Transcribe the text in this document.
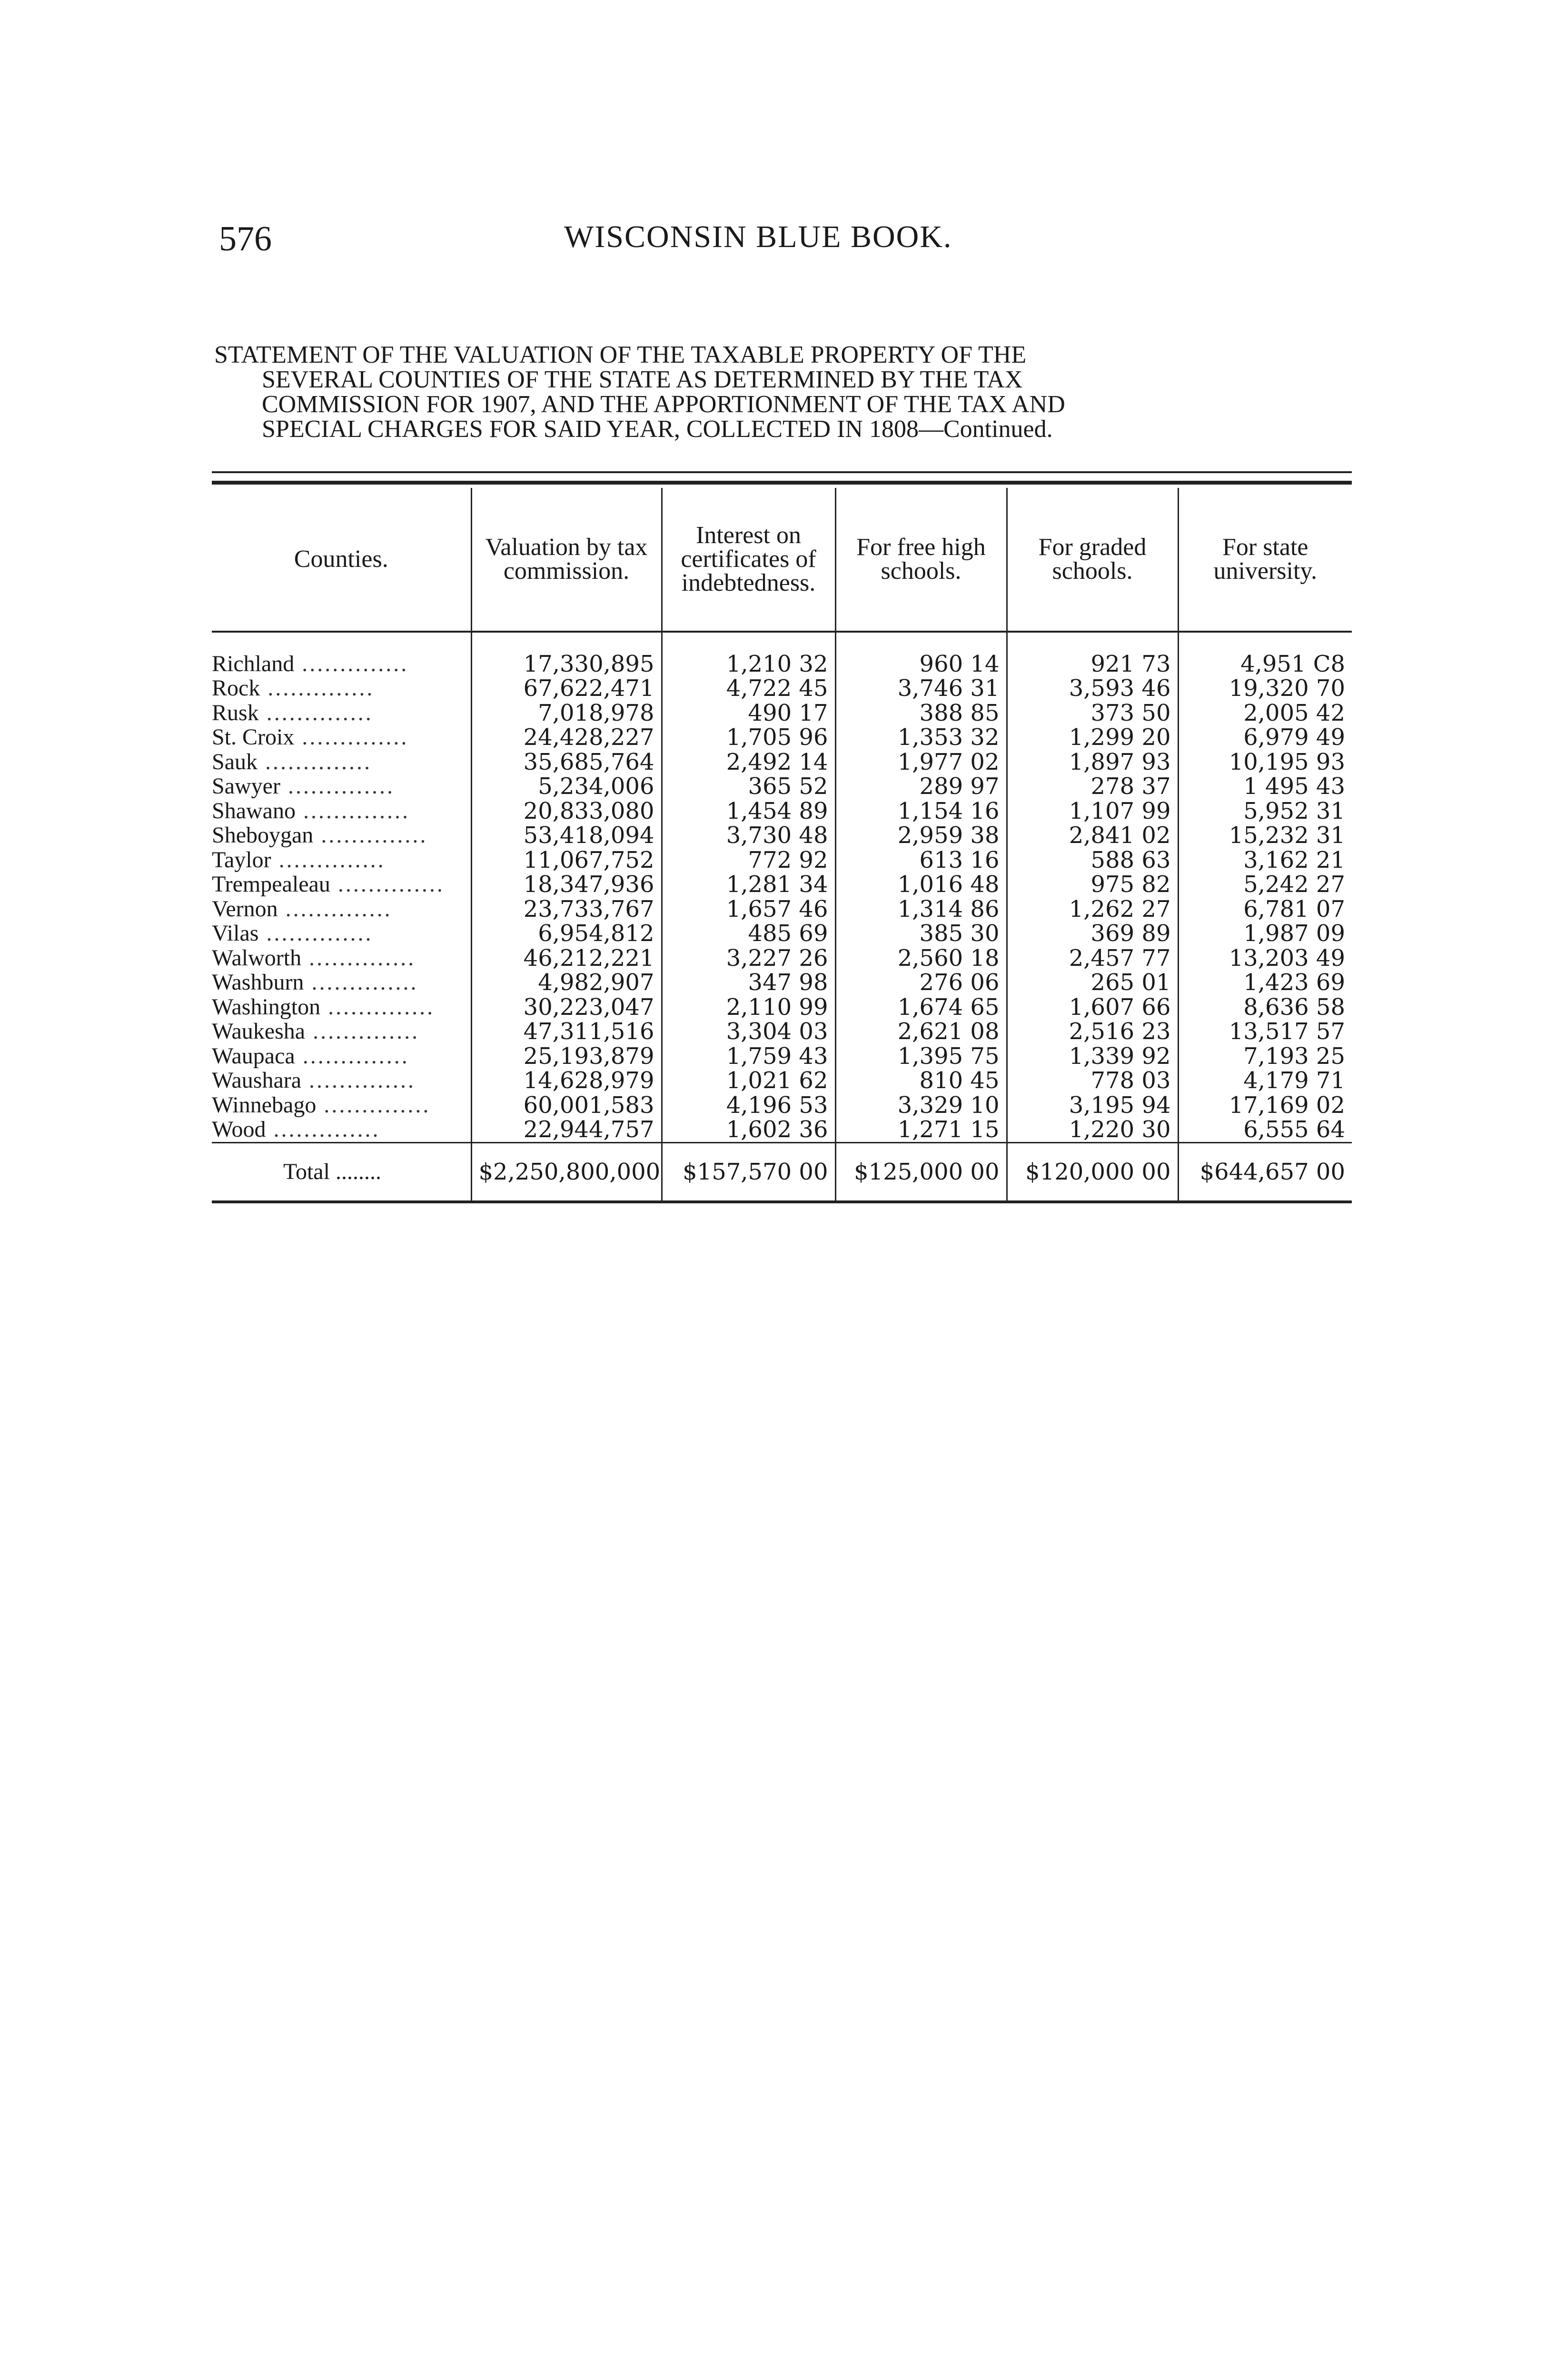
576	WISCONSIN BLUE BOOK.
STATEMENT OF THE VALUATION OF THE TAXABLE PROPERTY OF THE
SEVERAL COUNTIES OF THE STATE AS DETERMINED BY THE TAX
COMMISSION FOR 1907, AND THE APPORTIONMENT OF THE TAX AND
SPECIAL CHARGES FOR SAID YEAR, COLLECTED IN 1808—Continued.
Counties.	Valuation by tax commission.	Interest on certificates of indebtedness.	For free high schools.	For graded schools.	For state university.
Richland ..............	17,330,895	1,210 32	960 14	921 73	4,951 C8
Rock ..............	67,622,471	4,722 45	3,746 31	3,593 46	19,320 70
Rusk ..............	7,018,978	490 17	388 85	373 50	2,005 42
St. Croix ..............	24,428,227	1,705 96	1,353 32	1,299 20	6,979 49
Sauk ..............	35,685,764	2,492 14	1,977 02	1,897 93	10,195 93
Sawyer ..............	5,234,006	365 52	289 97	278 37	1 495 43
Shawano ..............	20,833,080	1,454 89	1,154 16	1,107 99	5,952 31
Sheboygan ..............	53,418,094	3,730 48	2,959 38	2,841 02	15,232 31
Taylor ..............	11,067,752	772 92	613 16	588 63	3,162 21
Trempealeau ..............	18,347,936	1,281 34	1,016 48	975 82	5,242 27
Vernon ..............	23,733,767	1,657 46	1,314 86	1,262 27	6,781 07
Vilas ..............	6,954,812	485 69	385 30	369 89	1,987 09
Walworth ..............	46,212,221	3,227 26	2,560 18	2,457 77	13,203 49
Washburn ..............	4,982,907	347 98	276 06	265 01	1,423 69
Washington ..............	30,223,047	2,110 99	1,674 65	1,607 66	8,636 58
Waukesha ..............	47,311,516	3,304 03	2,621 08	2,516 23	13,517 57
Waupaca ..............	25,193,879	1,759 43	1,395 75	1,339 92	7,193 25
Waushara ..............	14,628,979	1,021 62	810 45	778 03	4,179 71
Winnebago ..............	60,001,583	4,196 53	3,329 10	3,195 94	17,169 02
Wood ..............	22,944,757	1,602 36	1,271 15	1,220 30	6,555 64
Total ........	$2,250,800,000	$157,570 00	$125,000 00	$120,000 00	$644,657 00
